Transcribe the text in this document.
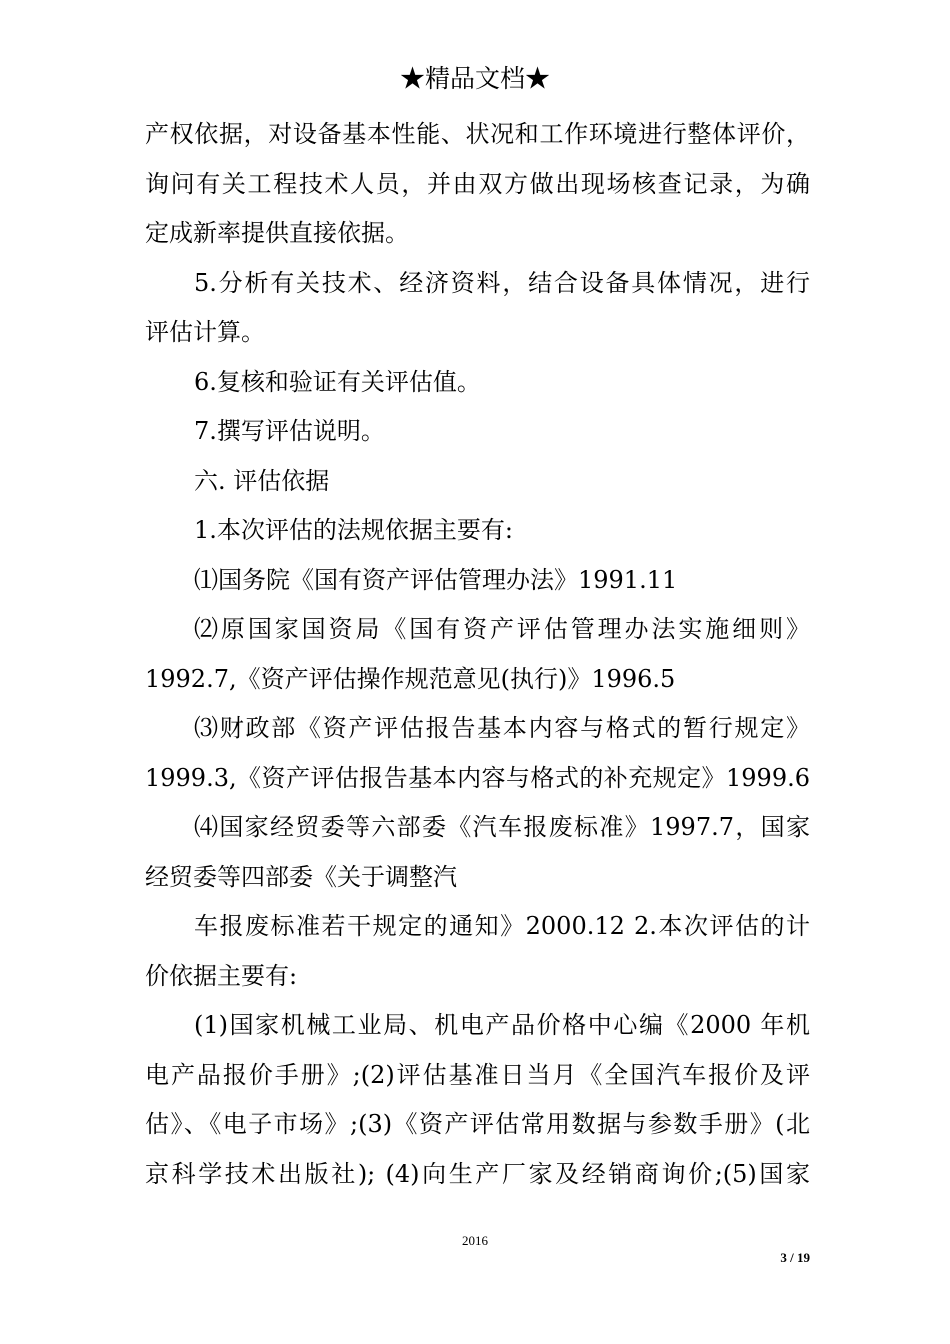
★精品文档★
产权依据，对设备基本性能、状况和工作环境进行整体评价，
询问有关工程技术人员，并由双方做出现场核查记录，为确
定成新率提供直接依据。
5.分析有关技术、经济资料，结合设备具体情况，进行
评估计算。
6.复核和验证有关评估值。
7.撰写评估说明。
六. 评估依据
1.本次评估的法规依据主要有:
⑴国务院《国有资产评估管理办法》1991.11
⑵原国家国资局《国有资产评估管理办法实施细则》
1992.7,《资产评估操作规范意见(执行)》1996.5
⑶财政部《资产评估报告基本内容与格式的暂行规定》
1999.3,《资产评估报告基本内容与格式的补充规定》1999.6
⑷国家经贸委等六部委《汽车报废标准》1997.7，国家
经贸委等四部委《关于调整汽
车报废标准若干规定的通知》2000.12 2.本次评估的计
价依据主要有:
(1)国家机械工业局、机电产品价格中心编《2000 年机
电产品报价手册》;(2)评估基准日当月《全国汽车报价及评
估》、《电子市场》;(3)《资产评估常用数据与参数手册》(北
京科学技术出版社); (4)向生产厂家及经销商询价;(5)国家
2016
3 / 19
